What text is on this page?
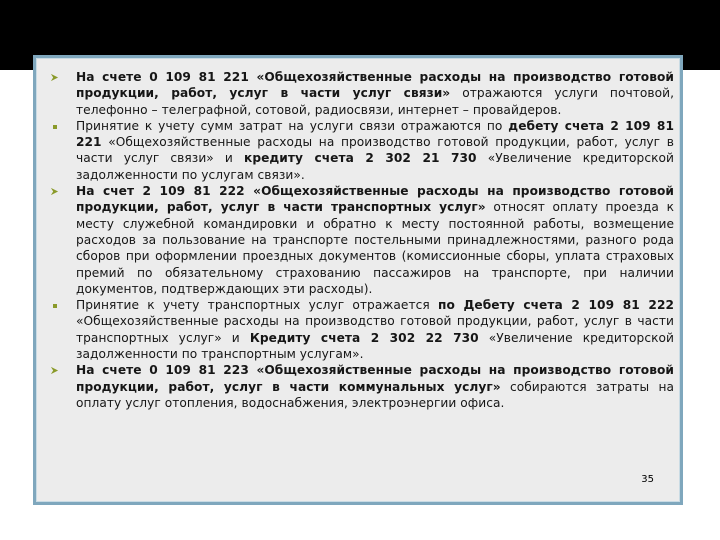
На счете 0 109 81 221 «Общехозяйственные расходы на производство готовой продукции, работ, услуг в части услуг связи» отражаются услуги почтовой, телефонно – телеграфной, сотовой, радиосвязи, интернет – провайдеров.

Принятие к учету сумм затрат на услуги связи отражаются по дебету счета 2 109 81 221 «Общехозяйственные расходы на производство готовой продукции, работ, услуг в части услуг связи» и кредиту счета 2 302 21 730 «Увеличение кредиторской задолженности по услугам связи».

На счет 2 109 81 222 «Общехозяйственные расходы на производство готовой продукции, работ, услуг в части транспортных услуг» относят оплату проезда к месту служебной командировки и обратно к месту постоянной работы, возмещение расходов за пользование на транспорте постельными принадлежностями, разного рода сборов при оформлении проездных документов (комиссионные сборы, уплата страховых премий по обязательному страхованию пассажиров на транспорте, при наличии документов, подтверждающих эти расходы).

Принятие к учету транспортных услуг отражается по Дебету счета 2 109 81 222 «Общехозяйственные расходы на производство готовой продукции, работ, услуг в части транспортных услуг» и Кредиту счета 2 302 22 730 «Увеличение кредиторской задолженности по транспортным услугам».

На счете 0 109 81 223 «Общехозяйственные расходы на производство готовой продукции, работ, услуг в части коммунальных услуг» собираются затраты на оплату услуг отопления, водоснабжения, электроэнергии офиса.

35
